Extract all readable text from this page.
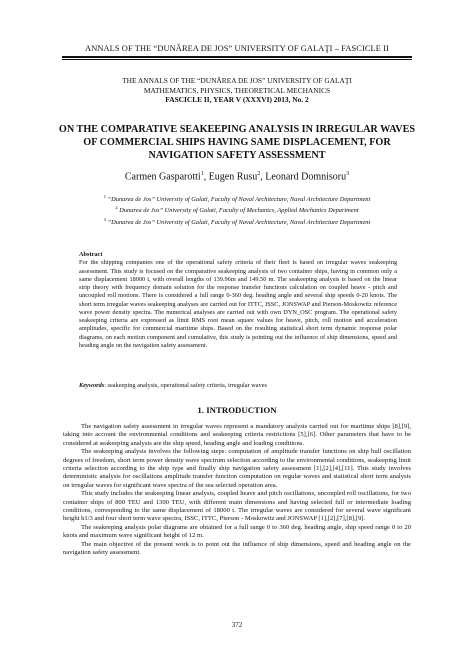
ANNALS OF THE “DUNĂREA DE JOS” UNIVERSITY OF GALAŢI – FASCICLE II
THE ANNALS OF THE “DUNĂREA DE JOS” UNIVERSITY OF GALAŢI
MATHEMATICS, PHYSICS, THEORETICAL MECHANICS
FASCICLE II, YEAR V (XXXVI) 2013, No. 2
ON THE COMPARATIVE SEAKEEPING ANALYSIS IN IRREGULAR WAVES OF COMMERCIAL SHIPS HAVING SAME DISPLACEMENT, FOR NAVIGATION SAFETY ASSESSMENT
Carmen Gasparotti$^1$, Eugen Rusu$^2$, Leonard Domnisoru$^3$
$^1$ “Dunarea de Jos” University of Galati, Faculty of Naval Architecture, Naval Architecture Department
$^2$ Dunarea de Jos” University of Galati, Faculty of Mechanics, Applied Mechanics Department
$^3$ “Dunarea de Jos” University of Galati, Faculty of Naval Architecture, Naval Architecture Department
Abstract
For the shipping companies one of the operational safety criteria of their fleet is based on irregular waves seakeeping assessment. This study is focused on the comparative seakeeping analysis of two container ships, having in common only a same displacement 18000 t, with overall lengths of 139.96m and 149.50 m. The seakeeping analysis is based on the linear strip theory with frequency domain solution for the response transfer functions calculation on coupled heave - pitch and uncoupled roll motions. There is considered a full range 0-360 deg. heading angle and several ship speeds 0-20 knots. The short term irregular waves seakeeping analyses are carried out for ITTC, ISSC, JONSWAP and Pierson-Moskowitz reference wave power density spectra. The numerical analyses are carried out with own DYN_OSC program. The operational safety seakeeping criteria are expressed as limit RMS root mean square values for heave, pitch, roll motion and acceleration amplitudes, specific for commercial maritime ships. Based on the resulting statistical short term dynamic response polar diagrams, on each motion component and cumulative, this study is pointing out the influence of ship dimensions, speed and heading angle on the navigation safety assessment.
Keywords: seakeeping analysis, operational safety criteria, irregular waves
1. INTRODUCTION

The navigation safety assessment in irregular waves represent a mandatory analysis carried out for maritime ships [8],[9], taking into account the environmental conditions and seakeeping criteria restrictions [5],[6]. Other parameters that have to be considered at seakeeping analysis are the ship speed, heading angle and loading conditions.

The seakeeping analysis involves the following steps: computation of amplitude transfer functions on ship hull oscillation degrees of freedom, short term power density wave spectrum selection according to the environmental conditions, seakeeping limit criteria selection according to the ship type and finally ship navigation safety assessment [1],[2],[4],[11]. This study involves deterministic analysis for oscillations amplitude transfer function computation on regular waves and statistical short term analysis on irregular waves for significant wave spectra of the sea selected operation area.

This study includes the seakeeping linear analysis, coupled heave and pitch oscillations, uncoupled roll oscillations, for two container ships of 800 TEU and 1300 TEU, with different main dimensions and having selected full or intermediate loading conditions, corresponding to the same displacement of 18000 t. The irregular waves are considered for several wave significant height h1/3 and four short term wave spectra, ISSC, ITTC, Pierson - Moskowitz and JONSWAP [1],[2],[7],[8],[9].

The seakeeping analysis polar diagrams are obtained for a full range 0 to 360 deg. heading angle, ship speed range 0 to 20 knots and maximum wave significant height of 12 m.

The main objective of the present work is to point out the influence of ship dimensions, speed and heading angle on the navigation safety assessment.

372
